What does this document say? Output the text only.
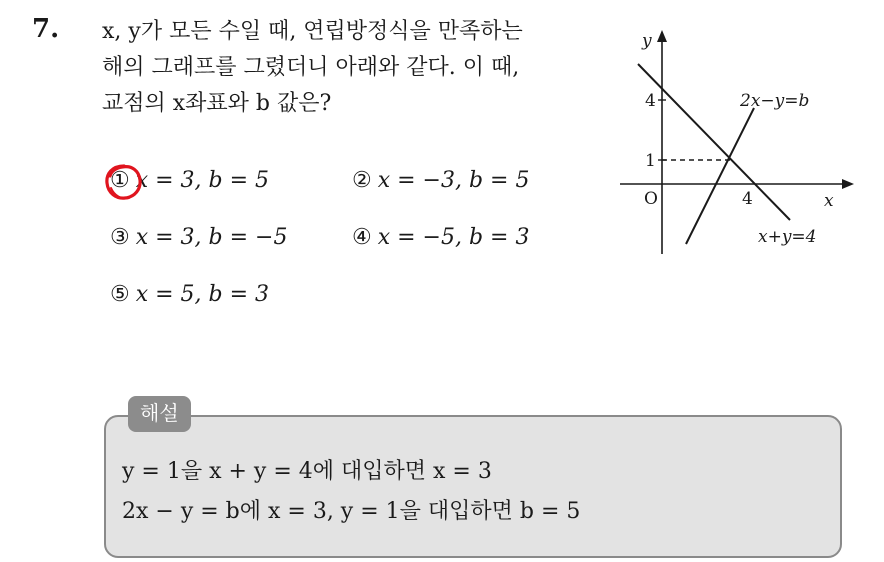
7. x, y가 모든 수일 때, 연립방정식을 만족하는
해의 그래프를 그렸더니 아래와 같다. 이 때,
교점의 x좌표와 b 값은?
① x = 3, b = 5	② x = −3, b = 5
③ x = 3, b = −5	④ x = −5, b = 3
⑤ x = 5, b = 3
y
x
O
4
1
4
2x−y=b
x+y=4
해설
y = 1을 x + y = 4에 대입하면 x = 3
2x − y = b에 x = 3, y = 1을 대입하면 b = 5
